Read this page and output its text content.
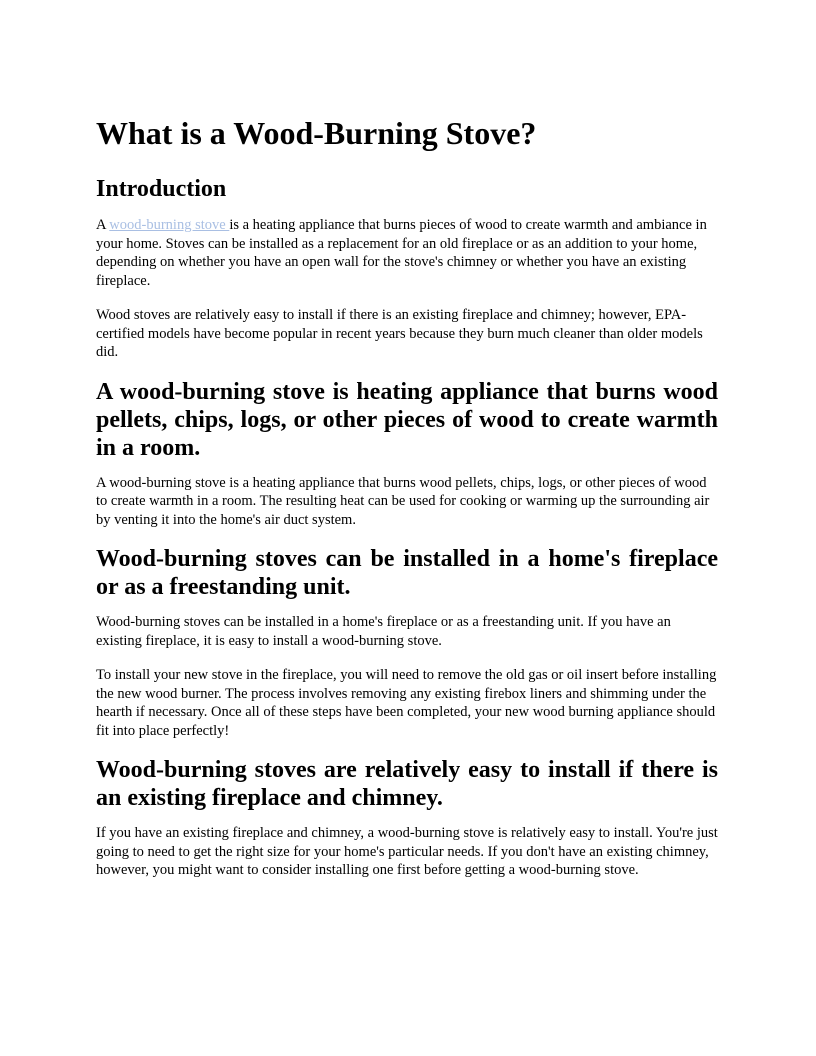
What is a Wood-Burning Stove?
Introduction

A wood-burning stove is a heating appliance that burns pieces of wood to create warmth and ambiance in your home. Stoves can be installed as a replacement for an old fireplace or as an addition to your home, depending on whether you have an open wall for the stove's chimney or whether you have an existing fireplace.

Wood stoves are relatively easy to install if there is an existing fireplace and chimney; however, EPA-certified models have become popular in recent years because they burn much cleaner than older models did.

A wood-burning stove is heating appliance that burns wood pellets, chips, logs, or other pieces of wood to create warmth in a room.

A wood-burning stove is a heating appliance that burns wood pellets, chips, logs, or other pieces of wood to create warmth in a room. The resulting heat can be used for cooking or warming up the surrounding air by venting it into the home's air duct system.

Wood-burning stoves can be installed in a home's fireplace or as a freestanding unit.

Wood-burning stoves can be installed in a home's fireplace or as a freestanding unit. If you have an existing fireplace, it is easy to install a wood-burning stove.

To install your new stove in the fireplace, you will need to remove the old gas or oil insert before installing the new wood burner. The process involves removing any existing firebox liners and shimming under the hearth if necessary. Once all of these steps have been completed, your new wood burning appliance should fit into place perfectly!

Wood-burning stoves are relatively easy to install if there is an existing fireplace and chimney.

If you have an existing fireplace and chimney, a wood-burning stove is relatively easy to install. You're just going to need to get the right size for your home's particular needs. If you don't have an existing chimney, however, you might want to consider installing one first before getting a wood-burning stove.
